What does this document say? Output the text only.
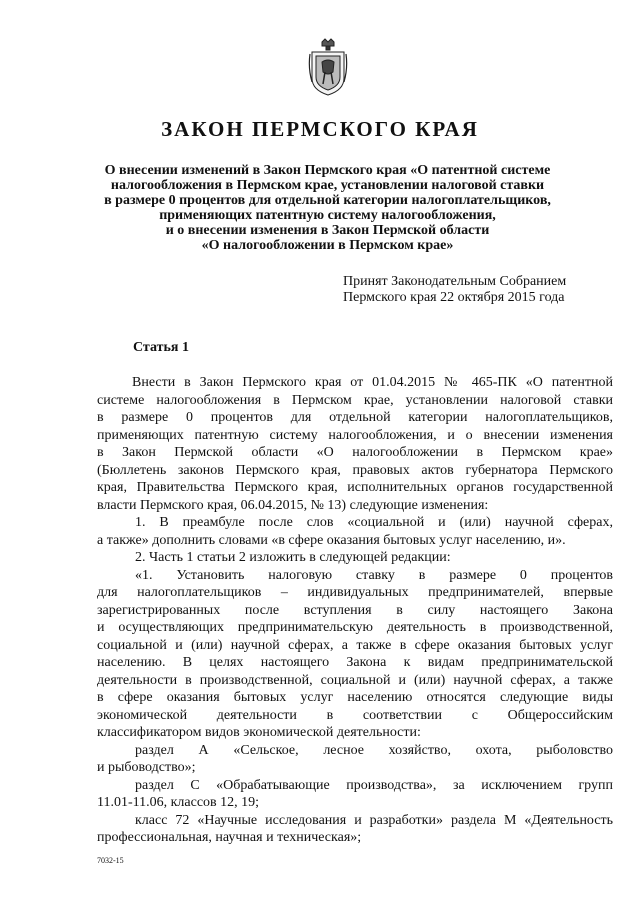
ЗАКОН ПЕРМСКОГО КРАЯ
О внесении изменений в Закон Пермского края «О патентной системе
налогообложения в Пермском крае, установлении налоговой ставки
в размере 0 процентов для отдельной категории налогоплательщиков,
применяющих патентную систему налогообложения,
и о внесении изменения в Закон Пермской области
«О налогообложении в Пермском крае»
Принят Законодательным Собранием
Пермского края 22 октября 2015 года
Статья 1
Внести в Закон Пермского края от 01.04.2015 № 465-ПК «О патентной
системе налогообложения в Пермском крае, установлении налоговой ставки
в размере 0 процентов для отдельной категории налогоплательщиков,
применяющих патентную систему налогообложения, и о внесении изменения
в Закон Пермской области «О налогообложении в Пермском крае»
(Бюллетень законов Пермского края, правовых актов губернатора Пермского
края, Правительства Пермского края, исполнительных органов государственной
власти Пермского края, 06.04.2015, № 13) следующие изменения:
1. В преамбуле после слов «социальной и (или) научной сферах,
а также» дополнить словами «в сфере оказания бытовых услуг населению, и».
2. Часть 1 статьи 2 изложить в следующей редакции:
«1. Установить налоговую ставку в размере 0 процентов
для налогоплательщиков – индивидуальных предпринимателей, впервые
зарегистрированных после вступления в силу настоящего Закона
и осуществляющих предпринимательскую деятельность в производственной,
социальной и (или) научной сферах, а также в сфере оказания бытовых услуг
населению. В целях настоящего Закона к видам предпринимательской
деятельности в производственной, социальной и (или) научной сферах, а также
в сфере оказания бытовых услуг населению относятся следующие виды
экономической деятельности в соответствии с Общероссийским
классификатором видов экономической деятельности:
раздел А «Сельское, лесное хозяйство, охота, рыболовство
и рыбоводство»;
раздел С «Обрабатывающие производства», за исключением групп
11.01-11.06, классов 12, 19;
класс 72 «Научные исследования и разработки» раздела М «Деятельность
профессиональная, научная и техническая»;
7032-15
